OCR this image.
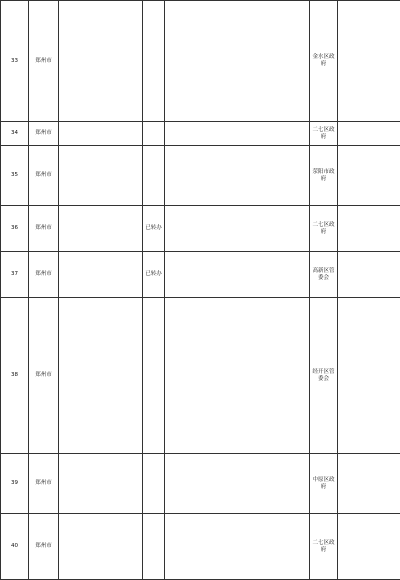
33	郑州市				金水区政府	
34	郑州市				二七区政府	
35	郑州市				荥阳市政府	
36	郑州市		已转办		二七区政府	
37	郑州市		已转办		高新区管委会	
38	郑州市				经开区管委会	
39	郑州市				中原区政府	
40	郑州市				二七区政府	
